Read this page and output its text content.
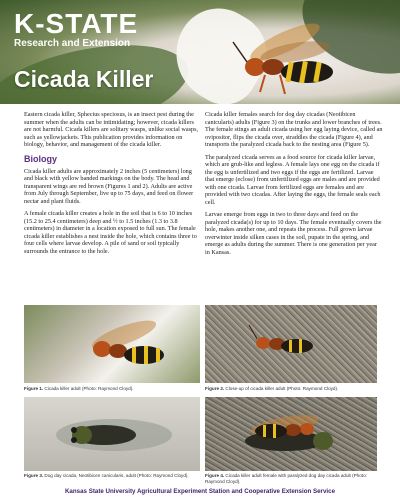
K-STATE
Research and Extension
Cicada Killer

Eastern cicada killer, Sphecius speciosus, is an insect pest during the summer when the adults can be intimidating; however, cicada killers are not harmful. Cicada killers are solitary wasps, unlike social wasps, such as yellowjackets. This publication provides information on biology, behavior, and management of the cicada killer.

Biology

Cicada killer adults are approximately 2 inches (5 centimeters) long and black with yellow banded markings on the body. The head and transparent wings are red brown (Figures 1 and 2). Adults are active from July through September, live up to 75 days, and feed on flower nectar and plant fluids.

A female cicada killer creates a hole in the soil that is 6 to 10 inches (15.2 to 25.4 centimeters) deep and ½ to 1.5 inches (1.3 to 3.8 centimeters) in diameter in a location exposed to full sun. The female cicada killer establishes a nest inside the hole, which contains three to four cells where larvae develop. A pile of sand or soil typically surrounds the entrance to the hole.

Cicada killer females search for dog day cicadas (Neotibicen canicularis) adults (Figure 3) on the trunks and lower branches of trees. The female stings an adult cicada using her egg laying device, called an ovipositor, flips the cicada over, straddles the cicada (Figure 4), and transports the paralyzed cicada back to the nesting area (Figure 5).

The paralyzed cicada serves as a food source for cicada killer larvae, which are grub-like and legless. A female lays one egg on the cicada if the egg is unfertilized and two eggs if the eggs are fertilized. Larvae that emerge (eclose) from unfertilized eggs are males and are provided with one cicada. Larvae from fertilized eggs are females and are provided with two cicadas. After laying the eggs, the female seals each cell.

Larvae emerge from eggs in two to three days and feed on the paralyzed cicada(s) for up to 10 days. The female eventually covers the hole, makes another one, and repeats the process. Full grown larvae overwinter inside silken cases in the soil, pupate in the spring, and emerge as adults during the summer. There is one generation per year in Kansas.

Figure 1. Cicada killer adult (Photo: Raymond Cloyd).	Figure 2. Close-up of cicada killer adult (Photo: Raymond Cloyd).
Figure 3. Dog day cicada, Neotibicen canicularis, adult (Photo: Raymond Cloyd).	Figure 4. Cicada killer adult female with paralyzed dog day cicada adult (Photo: Raymond Cloyd).
Kansas State University Agricultural Experiment Station and Cooperative Extension Service
